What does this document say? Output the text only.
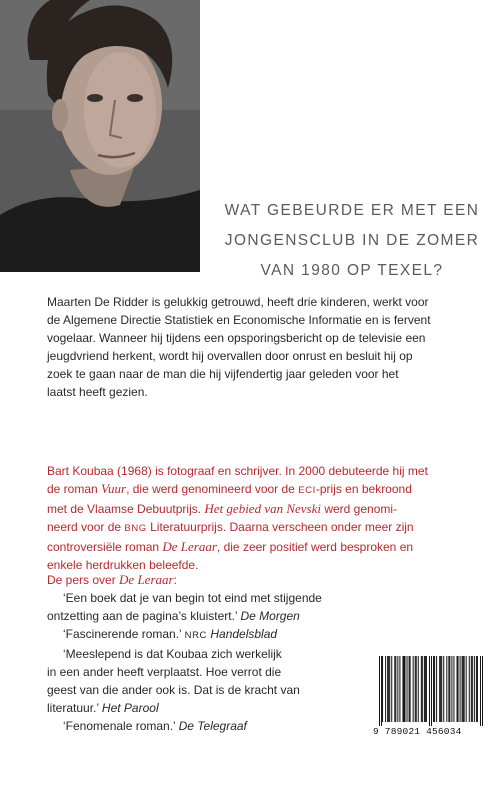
WAT GEBEURDE ER MET EEN
JONGENSCLUB IN DE ZOMER
VAN 1980 OP TEXEL?
Maarten De Ridder is gelukkig getrouwd, heeft drie kinderen, werkt voor
de Algemene Directie Statistiek en Economische Informatie en is fervent
vogelaar. Wanneer hij tijdens een opsporingsbericht op de televisie een
jeugdvriend herkent, wordt hij overvallen door onrust en besluit hij op
zoek te gaan naar de man die hij vijfendertig jaar geleden voor het
laatst heeft gezien.
Bart Koubaa (1968) is fotograaf en schrijver. In 2000 debuteerde hij met
de roman Vuur, die werd genomineerd voor de ECI-prijs en bekroond
met de Vlaamse Debuutprijs. Het gebied van Nevski werd genomi-
neerd voor de BNG Literatuurprijs. Daarna verscheen onder meer zijn
controversiële roman De Leraar, die zeer positief werd besproken en
enkele herdrukken beleefde.
De pers over De Leraar:
‘Een boek dat je van begin tot eind met stijgende
ontzetting aan de pagina’s kluistert.’ De Morgen
‘Fascinerende roman.’ NRC Handelsblad
‘Meeslepend is dat Koubaa zich werkelijk
in een ander heeft verplaatst. Hoe verrot die
geest van die ander ook is. Dat is de kracht van
literatuur.’ Het Parool
‘Fenomenale roman.’ De Telegraaf	9 789021 456034
